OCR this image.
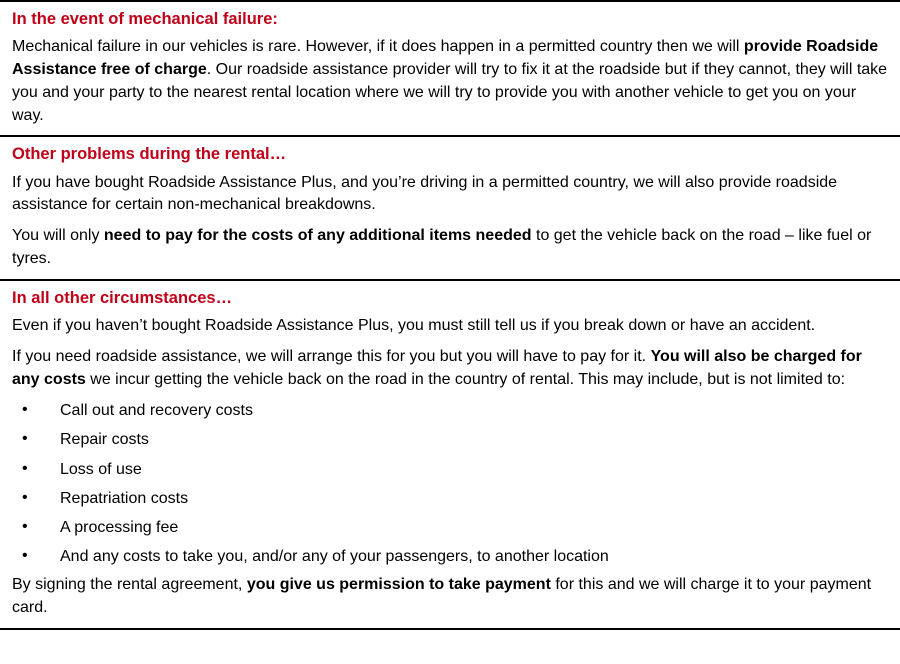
In the event of mechanical failure:

Mechanical failure in our vehicles is rare. However, if it does happen in a permitted country then we will provide Roadside Assistance free of charge. Our roadside assistance provider will try to fix it at the roadside but if they cannot, they will take you and your party to the nearest rental location where we will try to provide you with another vehicle to get you on your way.

Other problems during the rental…

If you have bought Roadside Assistance Plus, and you’re driving in a permitted country, we will also provide roadside assistance for certain non-mechanical breakdowns.

You will only need to pay for the costs of any additional items needed to get the vehicle back on the road – like fuel or tyres.

In all other circumstances…

Even if you haven’t bought Roadside Assistance Plus, you must still tell us if you break down or have an accident.

If you need roadside assistance, we will arrange this for you but you will have to pay for it. You will also be charged for any costs we incur getting the vehicle back on the road in the country of rental. This may include, but is not limited to:

• Call out and recovery costs
• Repair costs
• Loss of use
• Repatriation costs
• A processing fee
• And any costs to take you, and/or any of your passengers, to another location

By signing the rental agreement, you give us permission to take payment for this and we will charge it to your payment card.
